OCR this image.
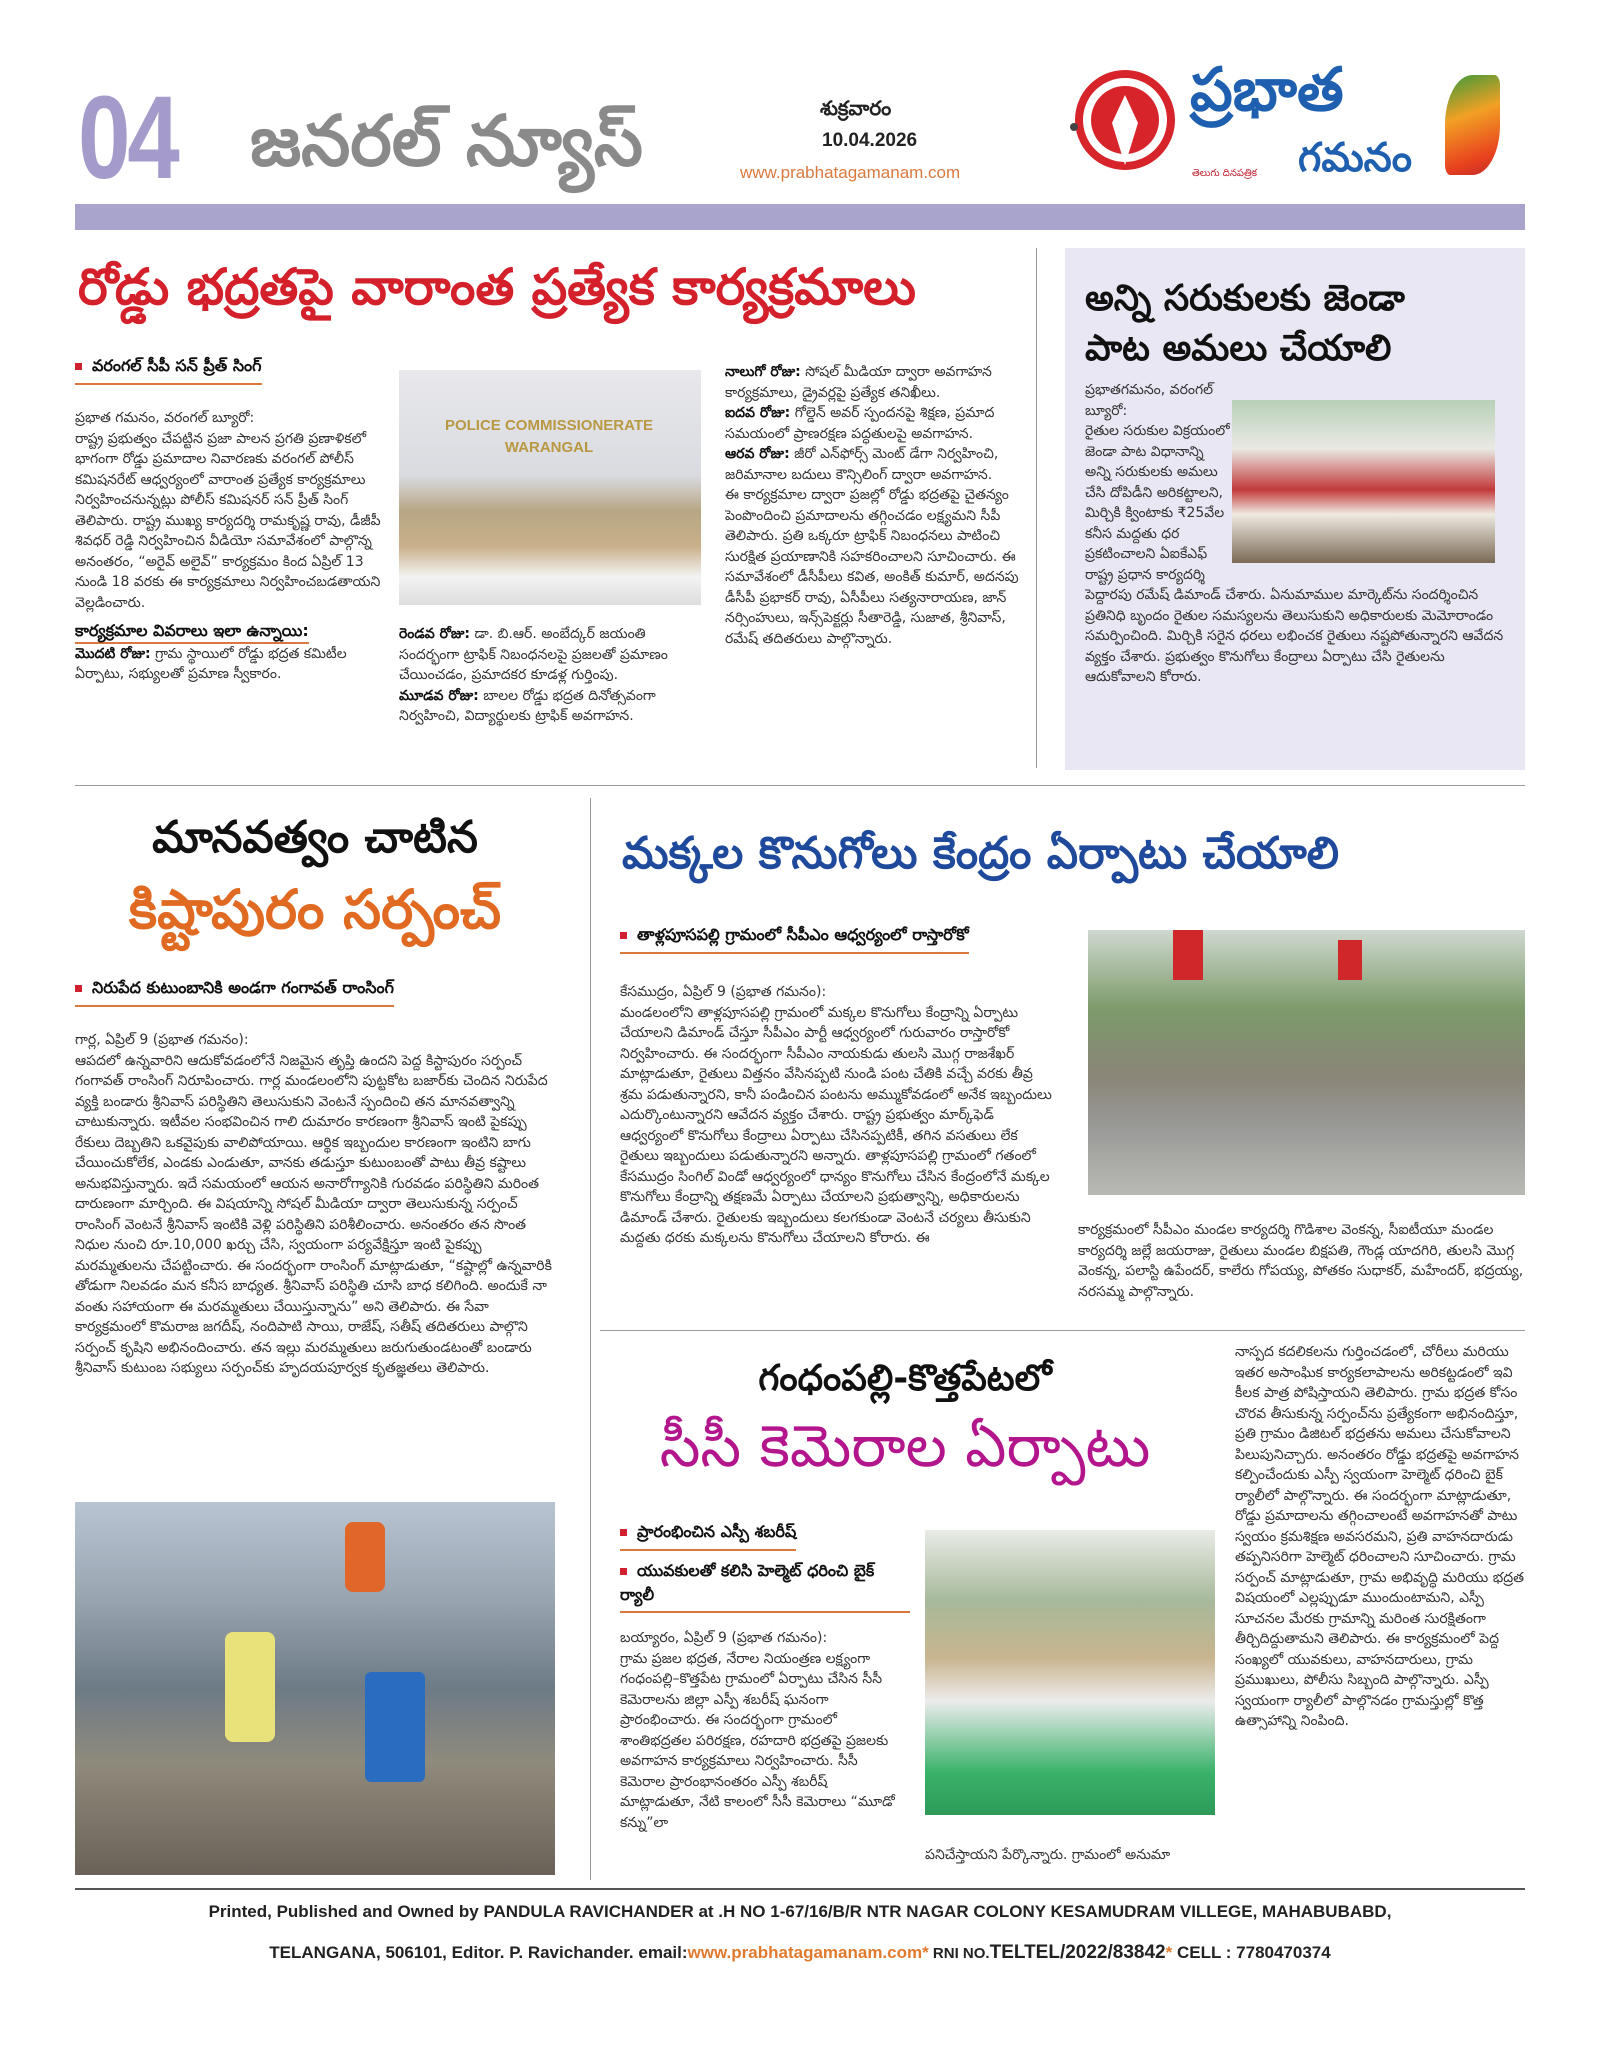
04 జనరల్ న్యూస్	శుక్రవారం
10.04.2026
www.prabhatagamanam.com
ప్రభాత
గమనం
తెలుగు దినపత్రిక
రోడ్డు భద్రతపై వారాంత ప్రత్యేక కార్యక్రమాలు
వరంగల్ సీపీ సన్ ప్రీత్ సింగ్

ప్రభాత గమనం, వరంగల్ బ్యూరో:

రాష్ట్ర ప్రభుత్వం చేపట్టిన ప్రజా పాలన ప్రగతి ప్రణాళికలో భాగంగా రోడ్డు ప్రమాదాల నివారణకు వరంగల్ పోలీస్ కమిషనరేట్ ఆధ్వర్యంలో వారాంత ప్రత్యేక కార్యక్రమాలు నిర్వహించనున్నట్లు పోలీస్ కమిషనర్ సన్ ప్రీత్ సింగ్ తెలిపారు. రాష్ట్ర ముఖ్య కార్యదర్శి రామకృష్ణ రావు, డీజీపీ శివధర్ రెడ్డి నిర్వహించిన వీడియో సమావేశంలో పాల్గొన్న అనంతరం, “అరైవ్ అలైవ్” కార్యక్రమం కింద ఏప్రిల్ 13 నుండి 18 వరకు ఈ కార్యక్రమాలు నిర్వహించబడతాయని వెల్లడించారు.

కార్యక్రమాల వివరాలు ఇలా ఉన్నాయి:

మొదటి రోజు: గ్రామ స్థాయిలో రోడ్డు భద్రత కమిటీల ఏర్పాటు, సభ్యులతో ప్రమాణ స్వీకారం.

POLICE COMMISSIONERATE WARANGAL

రెండవ రోజు: డా. బి.ఆర్. అంబేద్కర్ జయంతి సందర్భంగా ట్రాఫిక్ నిబంధనలపై ప్రజలతో ప్రమాణం చేయించడం, ప్రమాదకర కూడళ్ల గుర్తింపు.

మూడవ రోజు: బాలల రోడ్డు భద్రత దినోత్సవంగా నిర్వహించి, విద్యార్థులకు ట్రాఫిక్ అవగాహన.

నాలుగో రోజు: సోషల్ మీడియా ద్వారా అవగాహన కార్యక్రమాలు, డ్రైవర్లపై ప్రత్యేక తనిఖీలు.

ఐదవ రోజు: గోల్డెన్ అవర్ స్పందనపై శిక్షణ, ప్రమాద సమయంలో ప్రాణరక్షణ పద్ధతులపై అవగాహన.

ఆరవ రోజు: జీరో ఎన్‌ఫోర్స్ మెంట్ డేగా నిర్వహించి, జరిమానాల బదులు కౌన్సిలింగ్ ద్వారా అవగాహన.

ఈ కార్యక్రమాల ద్వారా ప్రజల్లో రోడ్డు భద్రతపై చైతన్యం పెంపొందించి ప్రమాదాలను తగ్గించడం లక్ష్యమని సీపీ తెలిపారు. ప్రతి ఒక్కరూ ట్రాఫిక్ నిబంధనలు పాటించి సురక్షిత ప్రయాణానికి సహకరించాలని సూచించారు. ఈ సమావేశంలో డీసీపీలు కవిత, అంకిత్ కుమార్, అదనపు డీసీపీ ప్రభాకర్ రావు, ఏసీపీలు సత్యనారాయణ, జాన్ నర్సింహులు, ఇన్స్‌పెక్టర్లు సీతారెడ్డి, సుజాత, శ్రీనివాస్, రమేష్ తదితరులు పాల్గొన్నారు.

అన్ని సరుకులకు జెండా
పాట అమలు చేయాలి

ప్రభాతగమనం, వరంగల్ బ్యూరో:

రైతుల సరుకుల విక్రయంలో జెండా పాట విధానాన్ని అన్ని సరుకులకు అమలు చేసి దోపిడీని అరికట్టాలని, మిర్చికి క్వింటాకు ₹25వేల కనీస మద్దతు ధర ప్రకటించాలని ఏఐకేఎఫ్ రాష్ట్ర ప్రధాన కార్యదర్శి పెద్దారపు రమేష్ డిమాండ్ చేశారు. ఏనుమాముల మార్కెట్‌ను సందర్శించిన ప్రతినిధి బృందం రైతుల సమస్యలను తెలుసుకుని అధికారులకు మెమోరాండం సమర్పించింది. మిర్చికి సరైన ధరలు లభించక రైతులు నష్టపోతున్నారని ఆవేదన వ్యక్తం చేశారు. ప్రభుత్వం కొనుగోలు కేంద్రాలు ఏర్పాటు చేసి రైతులను ఆదుకోవాలని కోరారు.

మానవత్వం చాటిన
కిష్టాపురం సర్పంచ్
నిరుపేద కుటుంబానికి అండగా గంగావత్ రాంసింగ్

గార్ల, ఏప్రిల్ 9 (ప్రభాత గమనం):

ఆపదలో ఉన్నవారిని ఆదుకోవడంలోనే నిజమైన తృప్తి ఉందని పెద్ద కిస్టాపురం సర్పంచ్ గంగావత్ రాంసింగ్ నిరూపించారు. గార్ల మండలంలోని పుట్టకోట బజార్‌కు చెందిన నిరుపేద వ్యక్తి బండారు శ్రీనివాస్ పరిస్థితిని తెలుసుకుని వెంటనే స్పందించి తన మానవత్వాన్ని చాటుకున్నారు. ఇటీవల సంభవించిన గాలి దుమారం కారణంగా శ్రీనివాస్ ఇంటి పైకప్పు రేకులు దెబ్బతిని ఒకవైపుకు వాలిపోయాయి. ఆర్థిక ఇబ్బందుల కారణంగా ఇంటిని బాగు చేయించుకోలేక, ఎండకు ఎండుతూ, వానకు తడుస్తూ కుటుంబంతో పాటు తీవ్ర కష్టాలు అనుభవిస్తున్నారు. ఇదే సమయంలో ఆయన అనారోగ్యానికి గురవడం పరిస్థితిని మరింత దారుణంగా మార్చింది. ఈ విషయాన్ని సోషల్ మీడియా ద్వారా తెలుసుకున్న సర్పంచ్ రాంసింగ్ వెంటనే శ్రీనివాస్ ఇంటికి వెళ్లి పరిస్థితిని పరిశీలించారు. అనంతరం తన సొంత నిధుల నుంచి రూ.10,000 ఖర్చు చేసి, స్వయంగా పర్యవేక్షిస్తూ ఇంటి పైకప్పు మరమ్మతులను చేపట్టించారు. ఈ సందర్భంగా రాంసింగ్ మాట్లాడుతూ, “కష్టాల్లో ఉన్నవారికి తోడుగా నిలవడం మన కనీస బాధ్యత. శ్రీనివాస్ పరిస్థితి చూసి బాధ కలిగింది. అందుకే నా వంతు సహాయంగా ఈ మరమ్మతులు చేయిస్తున్నాను” అని తెలిపారు. ఈ సేవా కార్యక్రమంలో కొమరాజ జగదీష్, నందిపాటి సాయి, రాజేష్, సతీష్ తదితరులు పాల్గొని సర్పంచ్ కృషిని అభినందించారు. తన ఇల్లు మరమ్మతులు జరుగుతుండటంతో బండారు శ్రీనివాస్ కుటుంబ సభ్యులు సర్పంచ్‌కు హృదయపూర్వక కృతజ్ఞతలు తెలిపారు.

మక్కల కొనుగోలు కేంద్రం ఏర్పాటు చేయాలి
తాళ్లపూసపల్లి గ్రామంలో సీపీఎం ఆధ్వర్యంలో రాస్తారోకో

కేసముద్రం, ఏప్రిల్ 9 (ప్రభాత గమనం):

మండలంలోని తాళ్లపూసపల్లి గ్రామంలో మక్కల కొనుగోలు కేంద్రాన్ని ఏర్పాటు చేయాలని డిమాండ్ చేస్తూ సీపీఎం పార్టీ ఆధ్వర్యంలో గురువారం రాస్తారోకో నిర్వహించారు. ఈ సందర్భంగా సీపీఎం నాయకుడు తులసి మొగ్గ రాజశేఖర్ మాట్లాడుతూ, రైతులు విత్తనం వేసినప్పటి నుండి పంట చేతికి వచ్చే వరకు తీవ్ర శ్రమ పడుతున్నారని, కానీ పండించిన పంటను అమ్ముకోవడంలో అనేక ఇబ్బందులు ఎదుర్కొంటున్నారని ఆవేదన వ్యక్తం చేశారు. రాష్ట్ర ప్రభుత్వం మార్క్‌ఫెడ్ ఆధ్వర్యంలో కొనుగోలు కేంద్రాలు ఏర్పాటు చేసినప్పటికీ, తగిన వసతులు లేక రైతులు ఇబ్బందులు పడుతున్నారని అన్నారు. తాళ్లపూసపల్లి గ్రామంలో గతంలో కేసముద్రం సింగిల్ విండో ఆధ్వర్యంలో ధాన్యం కొనుగోలు చేసిన కేంద్రంలోనే మక్కల కొనుగోలు కేంద్రాన్ని తక్షణమే ఏర్పాటు చేయాలని ప్రభుత్వాన్ని, అధికారులను డిమాండ్ చేశారు. రైతులకు ఇబ్బందులు కలగకుండా వెంటనే చర్యలు తీసుకుని మద్దతు ధరకు మక్కలను కొనుగోలు చేయాలని కోరారు. ఈ	కార్యక్రమంలో సీపీఎం మండల కార్యదర్శి గొడిశాల వెంకన్న, సీఐటీయూ మండల కార్యదర్శి జల్లే జయరాజు, రైతులు మండల బిక్షపతి, గౌండ్ల యాదగిరి, తులసి మొగ్గ వెంకన్న, పలాస్టి ఉపేందర్, కాలేరు గోపయ్య, పోతకం సుధాకర్, మహేందర్, భద్రయ్య, నరసమ్మ పాల్గొన్నారు.
గంధంపల్లి-కొత్తపేటలో
సీసీ కెమెరాల ఏర్పాటు
ప్రారంభించిన ఎస్పీ శబరీష్
యువకులతో కలిసి హెల్మెట్ ధరించి బైక్ ర్యాలీ

బయ్యారం, ఏప్రిల్ 9 (ప్రభాత గమనం):

గ్రామ ప్రజల భద్రత, నేరాల నియంత్రణ లక్ష్యంగా గంధంపల్లి–కొత్తపేట గ్రామంలో ఏర్పాటు చేసిన సీసీ కెమెరాలను జిల్లా ఎస్పీ శబరీష్ ఘనంగా ప్రారంభించారు. ఈ సందర్భంగా గ్రామంలో శాంతిభద్రతల పరిరక్షణ, రహదారి భద్రతపై ప్రజలకు అవగాహన కార్యక్రమాలు నిర్వహించారు. సీసీ కెమెరాల ప్రారంభానంతరం ఎస్పీ శబరీష్ మాట్లాడుతూ, నేటి కాలంలో సీసీ కెమెరాలు “మూడో కన్ను”లా

పనిచేస్తాయని పేర్కొన్నారు. గ్రామంలో అనుమా
నాస్పద కదలికలను గుర్తించడంలో, చోరీలు మరియు ఇతర అసాంఘిక కార్యకలాపాలను అరికట్టడంలో ఇవి కీలక పాత్ర పోషిస్తాయని తెలిపారు. గ్రామ భద్రత కోసం చొరవ తీసుకున్న సర్పంచ్‌ను ప్రత్యేకంగా అభినందిస్తూ, ప్రతి గ్రామం డిజిటల్ భద్రతను అమలు చేసుకోవాలని పిలుపునిచ్చారు. అనంతరం రోడ్డు భద్రతపై అవగాహన కల్పించేందుకు ఎస్పీ స్వయంగా హెల్మెట్ ధరించి బైక్ ర్యాలీలో పాల్గొన్నారు. ఈ సందర్భంగా మాట్లాడుతూ, రోడ్డు ప్రమాదాలను తగ్గించాలంటే అవగాహనతో పాటు స్వయం క్రమశిక్షణ అవసరమని, ప్రతి వాహనదారుడు తప్పనిసరిగా హెల్మెట్ ధరించాలని సూచించారు. గ్రామ సర్పంచ్ మాట్లాడుతూ, గ్రామ అభివృద్ధి మరియు భద్రత విషయంలో ఎల్లప్పుడూ ముందుంటామని, ఎస్పీ సూచనల మేరకు గ్రామాన్ని మరింత సురక్షితంగా తీర్చిదిద్దుతామని తెలిపారు. ఈ కార్యక్రమంలో పెద్ద సంఖ్యలో యువకులు, వాహనదారులు, గ్రామ ప్రముఖులు, పోలీసు సిబ్బంది పాల్గొన్నారు. ఎస్పీ స్వయంగా ర్యాలీలో పాల్గొనడం గ్రామస్తుల్లో కొత్త ఉత్సాహాన్ని నింపింది.
Printed, Published and Owned by PANDULA RAVICHANDER at .H NO 1-67/16/B/R NTR NAGAR COLONY KESAMUDRAM VILLEGE, MAHABUBABD,
TELANGANA, 506101, Editor. P. Ravichander. email:www.prabhatagamanam.com* RNI NO.TELTEL/2022/83842* CELL : 7780470374
